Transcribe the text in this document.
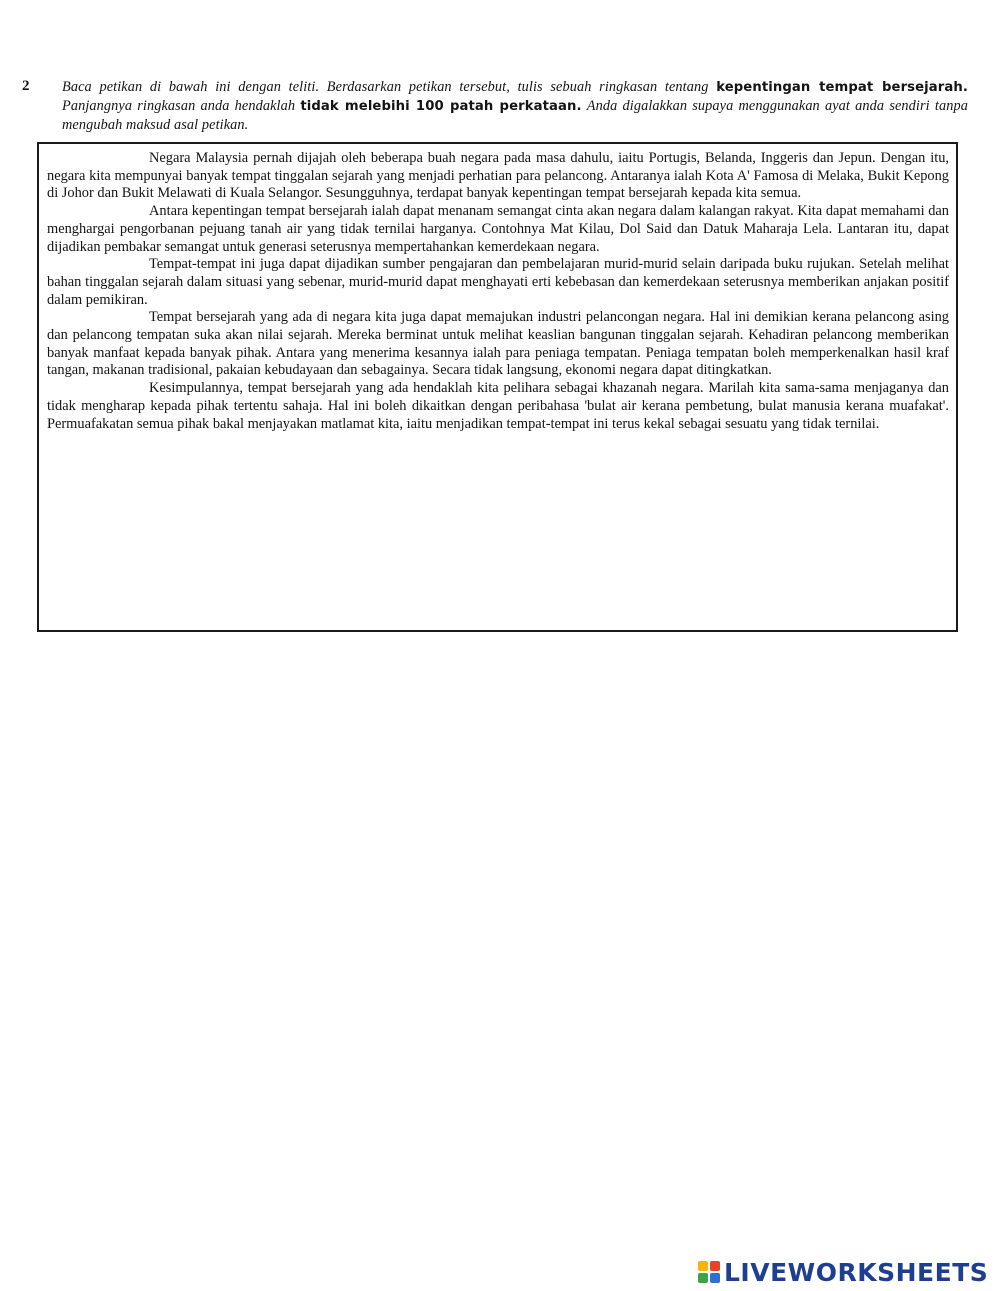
2 Baca petikan di bawah ini dengan teliti. Berdasarkan petikan tersebut, tulis sebuah ringkasan tentang kepentingan tempat bersejarah. Panjangnya ringkasan anda hendaklah tidak melebihi 100 patah perkataan. Anda digalakkan supaya menggunakan ayat anda sendiri tanpa mengubah maksud asal petikan.

Negara Malaysia pernah dijajah oleh beberapa buah negara pada masa dahulu, iaitu Portugis, Belanda, Inggeris dan Jepun. Dengan itu, negara kita mempunyai banyak tempat tinggalan sejarah yang menjadi perhatian para pelancong. Antaranya ialah Kota A' Famosa di Melaka, Bukit Kepong di Johor dan Bukit Melawati di Kuala Selangor. Sesungguhnya, terdapat banyak kepentingan tempat bersejarah kepada kita semua.

Antara kepentingan tempat bersejarah ialah dapat menanam semangat cinta akan negara dalam kalangan rakyat. Kita dapat memahami dan menghargai pengorbanan pejuang tanah air yang tidak ternilai harganya. Contohnya Mat Kilau, Dol Said dan Datuk Maharaja Lela. Lantaran itu, dapat dijadikan pembakar semangat untuk generasi seterusnya mempertahankan kemerdekaan negara.

Tempat-tempat ini juga dapat dijadikan sumber pengajaran dan pembelajaran murid-murid selain daripada buku rujukan. Setelah melihat bahan tinggalan sejarah dalam situasi yang sebenar, murid-murid dapat menghayati erti kebebasan dan kemerdekaan seterusnya memberikan anjakan positif dalam pemikiran.

Tempat bersejarah yang ada di negara kita juga dapat memajukan industri pelancongan negara. Hal ini demikian kerana pelancong asing dan pelancong tempatan suka akan nilai sejarah. Mereka berminat untuk melihat keaslian bangunan tinggalan sejarah. Kehadiran pelancong memberikan banyak manfaat kepada banyak pihak. Antara yang menerima kesannya ialah para peniaga tempatan. Peniaga tempatan boleh memperkenalkan hasil kraf tangan, makanan tradisional, pakaian kebudayaan dan sebagainya. Secara tidak langsung, ekonomi negara dapat ditingkatkan.

Kesimpulannya, tempat bersejarah yang ada hendaklah kita pelihara sebagai khazanah negara. Marilah kita sama-sama menjaganya dan tidak mengharap kepada pihak tertentu sahaja. Hal ini boleh dikaitkan dengan peribahasa 'bulat air kerana pembetung, bulat manusia kerana muafakat'. Permuafakatan semua pihak bakal menjayakan matlamat kita, iaitu menjadikan tempat-tempat ini terus kekal sebagai sesuatu yang tidak ternilai.

LIVEWORKSHEETS
